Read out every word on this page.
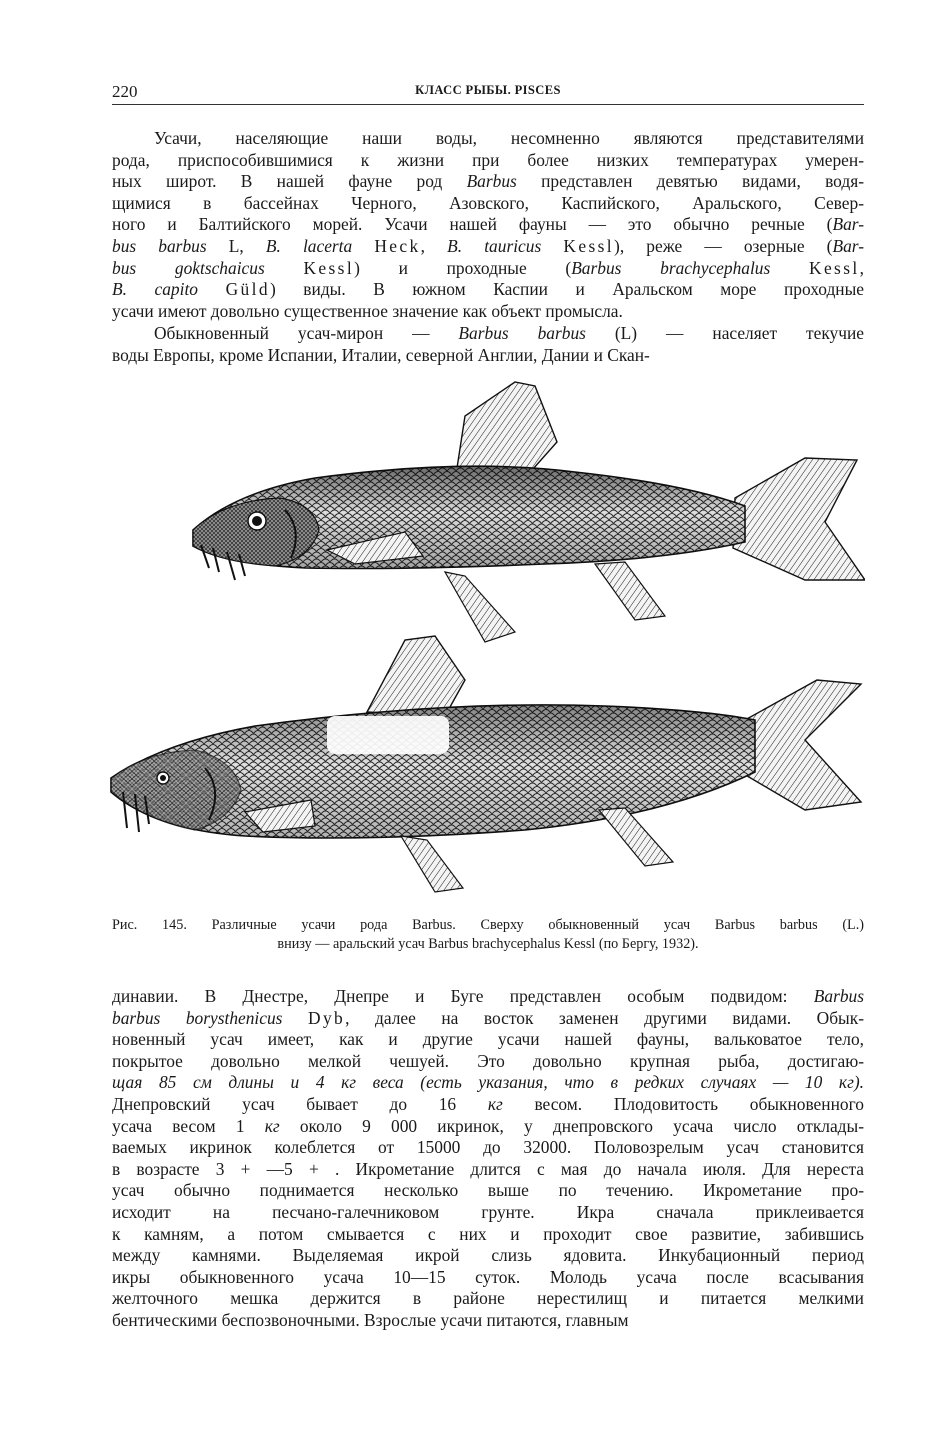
220	КЛАСС РЫБЫ. PISCES
Усачи, населяющие наши воды, несомненно являются представителями
рода, приспособившимися к жизни при более низких температурах умерен-
ных широт. В нашей фауне род Barbus представлен девятью видами, водя-
щимися в бассейнах Черного, Азовского, Каспийского, Аральского, Север-
ного и Балтийского морей. Усачи нашей фауны — это обычно речные (Bar-
bus barbus L, B. lacerta Heck, B. tauricus Kessl), реже — озерные (Bar-
bus goktschaicus Kessl) и проходные (Barbus brachycephalus Kessl,
B. capito Güld) виды. В южном Каспии и Аральском море проходные
усачи имеют довольно существенное значение как объект промысла.
Обыкновенный усач-мирон — Barbus barbus (L) — населяет текучие
воды Европы, кроме Испании, Италии, северной Англии, Дании и Скан-
Рис. 145. Различные усачи рода Barbus. Сверху обыкновенный усач Barbus barbus (L.)
внизу — аральский усач Barbus brachycephalus Kessl (по Бергу, 1932).
динавии. В Днестре, Днепре и Буге представлен особым подвидом: Barbus
barbus borysthenicus Dyb, далее на восток заменен другими видами. Обык-
новенный усач имеет, как и другие усачи нашей фауны, вальковатое тело,
покрытое довольно мелкой чешуей. Это довольно крупная рыба, достигаю-
щая 85 см длины и 4 кг веса (есть указания, что в редких случаях — 10 кг).
Днепровский усач бывает до 16 кг весом. Плодовитость обыкновенного
усача весом 1 кг около 9 000 икринок, у днепровского усача число отклады-
ваемых икринок колеблется от 15000 до 32000. Половозрелым усач становится
в возрасте 3 + —5 + . Икрометание длится с мая до начала июля. Для нереста
усач обычно поднимается несколько выше по течению. Икрометание про-
исходит на песчано-галечниковом грунте. Икра сначала приклеивается
к камням, а потом смывается с них и проходит свое развитие, забившись
между камнями. Выделяемая икрой слизь ядовита. Инкубационный период
икры обыкновенного усача 10—15 суток. Молодь усача после всасывания
желточного мешка держится в районе нерестилищ и питается мелкими
бентическими беспозвоночными. Взрослые усачи питаются, главным
